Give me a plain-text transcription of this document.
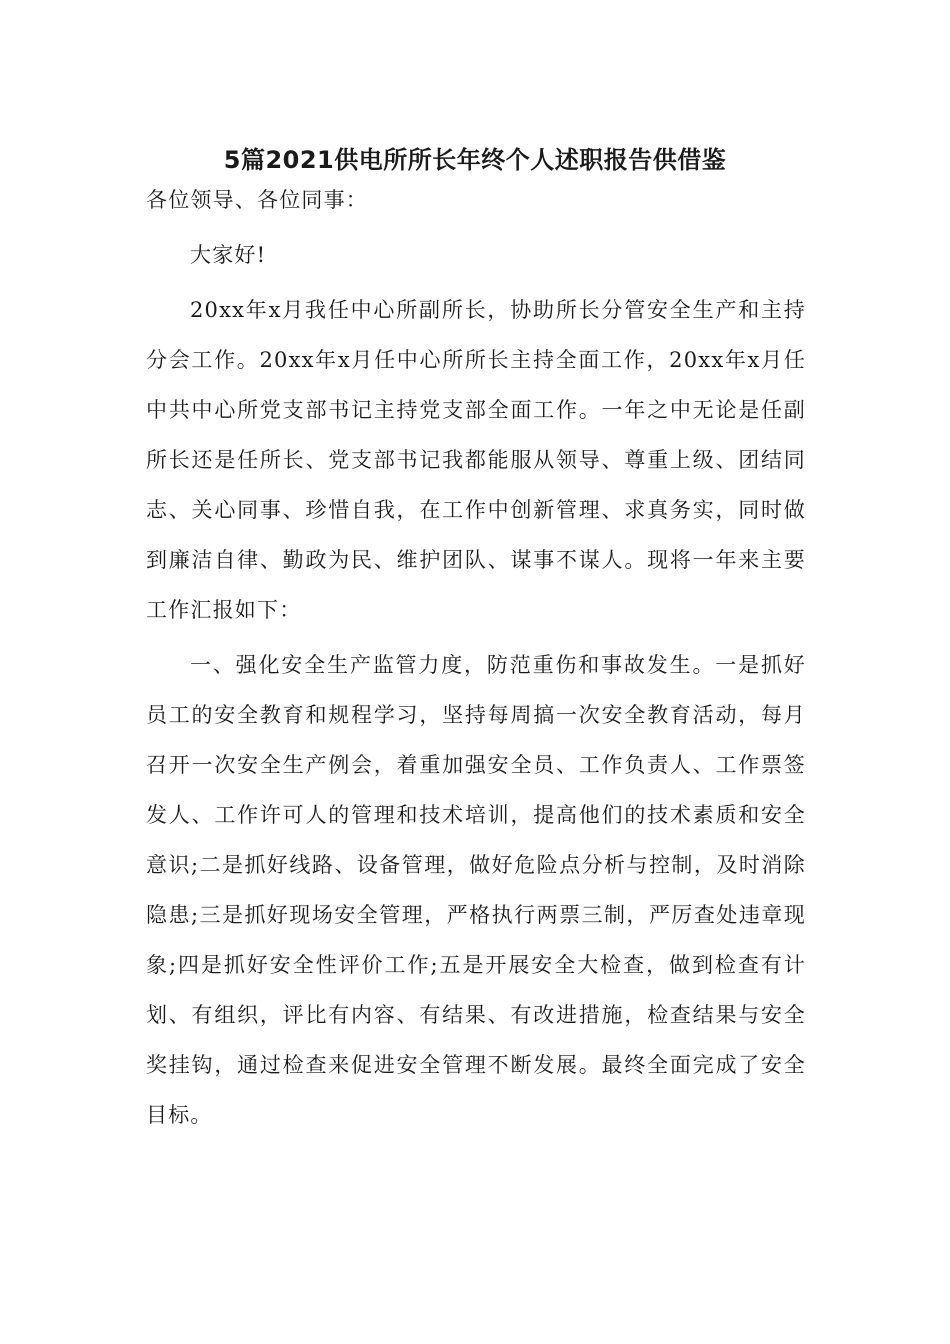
5篇2021供电所所长年终个人述职报告供借鉴

各位领导、各位同事：

大家好!

20xx年x月我任中心所副所长，协助所长分管安全生产和主持分会工作。20xx年x月任中心所所长主持全面工作，20xx年x月任中共中心所党支部书记主持党支部全面工作。一年之中无论是任副所长还是任所长、党支部书记我都能服从领导、尊重上级、团结同志、关心同事、珍惜自我，在工作中创新管理、求真务实，同时做到廉洁自律、勤政为民、维护团队、谋事不谋人。现将一年来主要工作汇报如下：

一、强化安全生产监管力度，防范重伤和事故发生。一是抓好员工的安全教育和规程学习，坚持每周搞一次安全教育活动，每月召开一次安全生产例会，着重加强安全员、工作负责人、工作票签发人、工作许可人的管理和技术培训，提高他们的技术素质和安全意识;二是抓好线路、设备管理，做好危险点分析与控制，及时消除隐患;三是抓好现场安全管理，严格执行两票三制，严厉查处违章现象;四是抓好安全性评价工作;五是开展安全大检查，做到检查有计划、有组织，评比有内容、有结果、有改进措施，检查结果与安全奖挂钩，通过检查来促进安全管理不断发展。最终全面完成了安全目标。
